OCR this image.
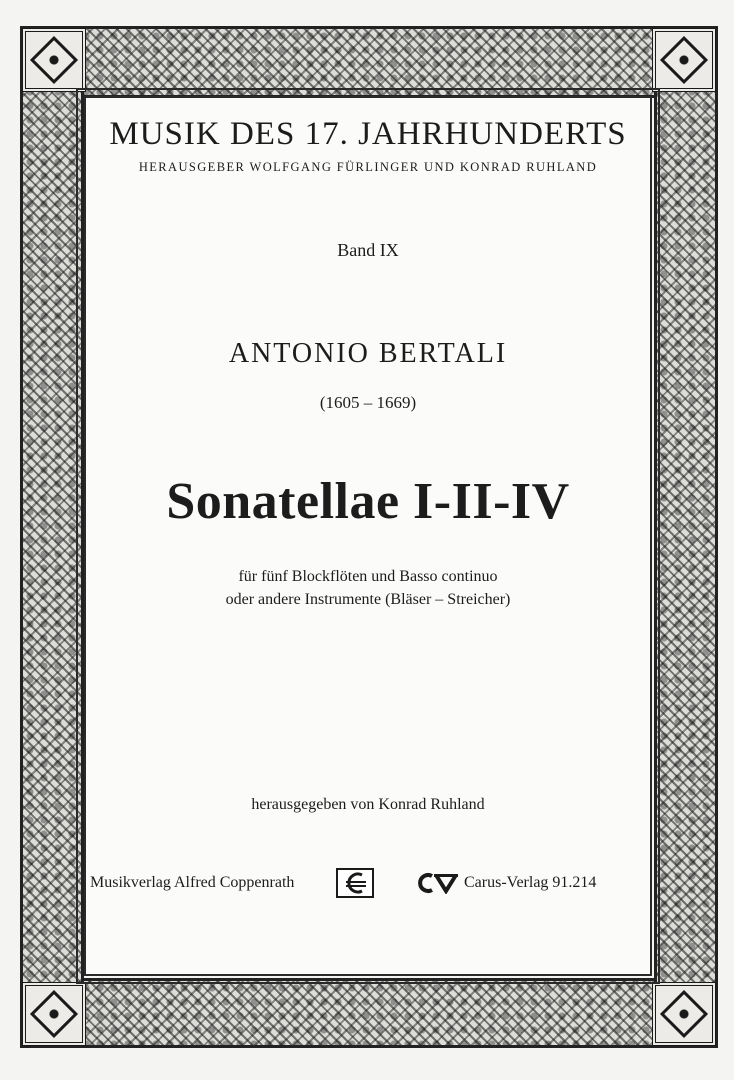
MUSIK DES 17. JAHRHUNDERTS
HERAUSGEBER WOLFGANG FÜRLINGER UND KONRAD RUHLAND
Band IX
ANTONIO BERTALI
(1605 – 1669)
Sonatellae I-II-IV
für fünf Blockflöten und Basso continuo
oder andere Instrumente (Bläser – Streicher)
herausgegeben von Konrad Ruhland
Musikverlag Alfred Coppenrath	Carus-Verlag 91.214
